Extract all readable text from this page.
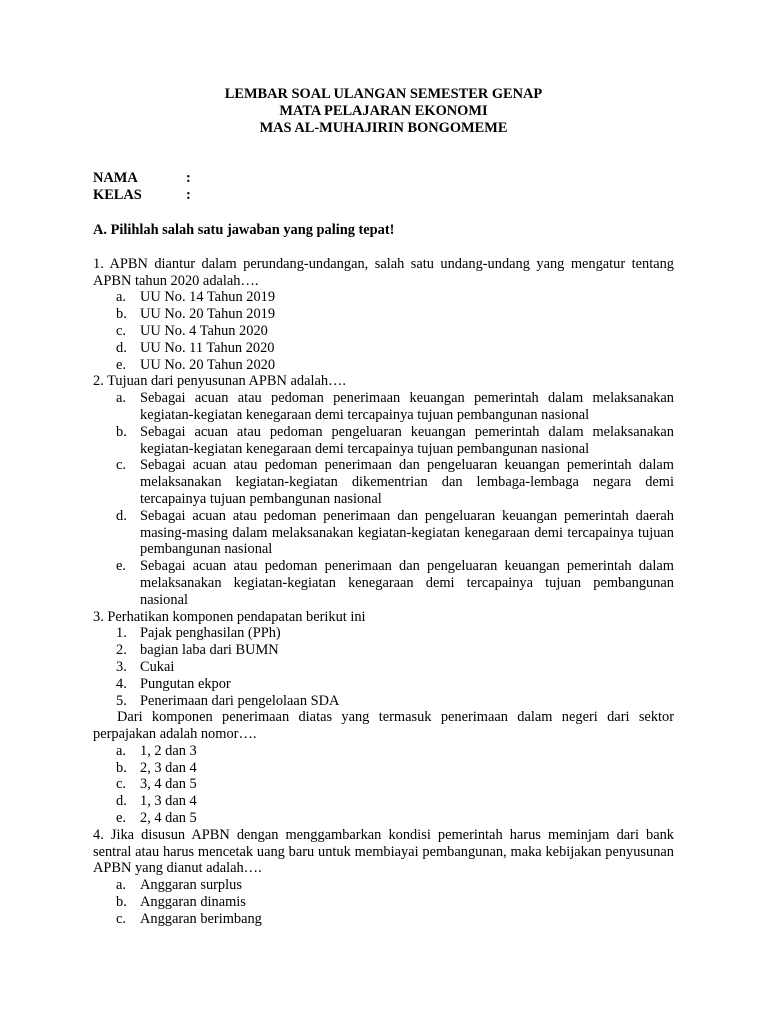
LEMBAR SOAL ULANGAN SEMESTER GENAP
MATA PELAJARAN EKONOMI
MAS AL-MUHAJIRIN BONGOMEME
NAMA	:
KELAS	:
A. Pilihlah salah satu jawaban yang paling tepat!
1. APBN diantur dalam perundang-undangan, salah satu undang-undang yang mengatur tentang APBN tahun 2020 adalah….
a. UU No. 14 Tahun 2019
b. UU No. 20 Tahun 2019
c. UU No. 4 Tahun 2020
d. UU No. 11 Tahun 2020
e. UU No. 20 Tahun 2020
2. Tujuan dari penyusunan APBN adalah….
a. Sebagai acuan atau pedoman penerimaan keuangan pemerintah dalam melaksanakan kegiatan-kegiatan kenegaraan demi tercapainya tujuan pembangunan nasional
b. Sebagai acuan atau pedoman pengeluaran keuangan pemerintah dalam melaksanakan kegiatan-kegiatan kenegaraan demi tercapainya tujuan pembangunan nasional
c. Sebagai acuan atau pedoman penerimaan dan pengeluaran keuangan pemerintah dalam melaksanakan kegiatan-kegiatan dikementrian dan lembaga-lembaga negara demi tercapainya tujuan pembangunan nasional
d. Sebagai acuan atau pedoman penerimaan dan pengeluaran keuangan pemerintah daerah masing-masing dalam melaksanakan kegiatan-kegiatan kenegaraan demi tercapainya tujuan pembangunan nasional
e. Sebagai acuan atau pedoman penerimaan dan pengeluaran keuangan pemerintah dalam melaksanakan kegiatan-kegiatan kenegaraan demi tercapainya tujuan pembangunan nasional
3. Perhatikan komponen pendapatan berikut ini
1. Pajak penghasilan (PPh)
2. bagian laba dari BUMN
3. Cukai
4. Pungutan ekpor
5. Penerimaan dari pengelolaan SDA
Dari komponen penerimaan diatas yang termasuk penerimaan dalam negeri dari sektor perpajakan adalah nomor….
a. 1, 2 dan 3
b. 2, 3 dan 4
c. 3, 4 dan 5
d. 1, 3 dan 4
e. 2, 4 dan 5
4. Jika disusun APBN dengan menggambarkan kondisi pemerintah harus meminjam dari bank sentral atau harus mencetak uang baru untuk membiayai pembangunan, maka kebijakan penyusunan APBN yang dianut adalah….
a. Anggaran surplus
b. Anggaran dinamis
c. Anggaran berimbang
